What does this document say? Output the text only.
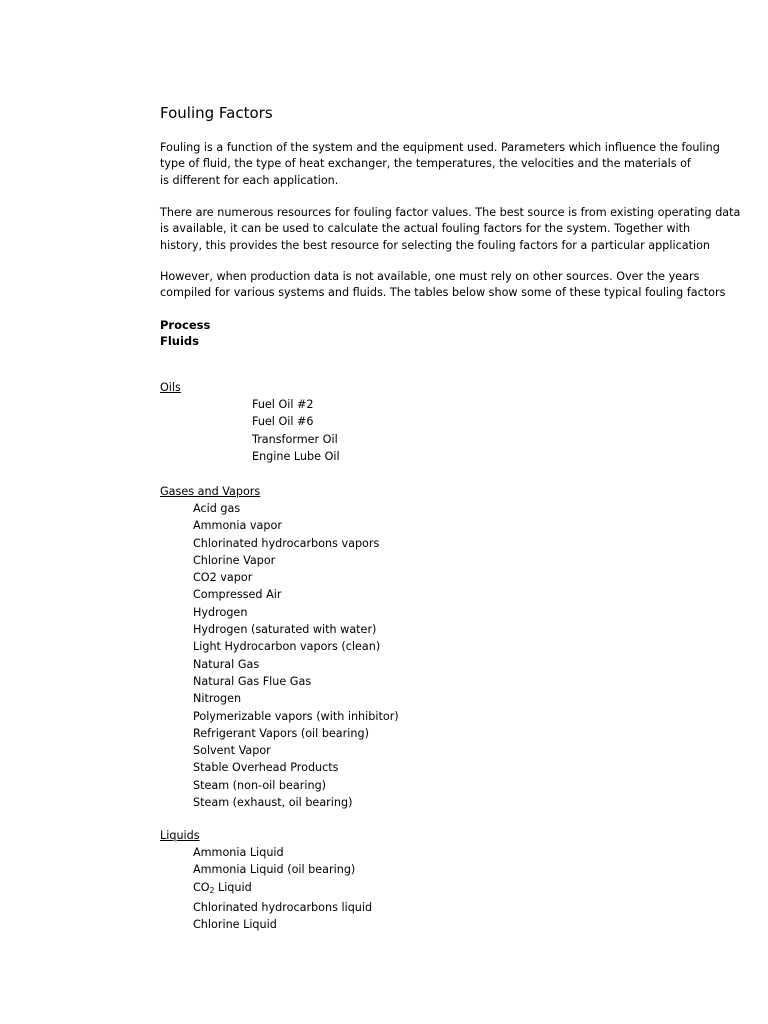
Fouling Factors
Fouling is a function of the system and the equipment used. Parameters which influence the fouling
type of fluid, the type of heat exchanger, the temperatures, the velocities and the materials of
is different for each application.
There are numerous resources for fouling factor values. The best source is from existing operating data
is available, it can be used to calculate the actual fouling factors for the system. Together with
history, this provides the best resource for selecting the fouling factors for a particular application
However, when production data is not available, one must rely on other sources. Over the years
compiled for various systems and fluids. The tables below show some of these typical fouling factors
Process
Fluids
Oils
Fuel Oil #2
Fuel Oil #6
Transformer Oil
Engine Lube Oil
Gases and Vapors
Acid gas
Ammonia vapor
Chlorinated hydrocarbons vapors
Chlorine Vapor
CO2 vapor
Compressed Air
Hydrogen
Hydrogen (saturated with water)
Light Hydrocarbon vapors (clean)
Natural Gas
Natural Gas Flue Gas
Nitrogen
Polymerizable vapors (with inhibitor)
Refrigerant Vapors (oil bearing)
Solvent Vapor
Stable Overhead Products
Steam (non-oil bearing)
Steam (exhaust, oil bearing)
Liquids
Ammonia Liquid
Ammonia Liquid (oil bearing)
$CO_2$ Liquid
Chlorinated hydrocarbons liquid
Chlorine Liquid
